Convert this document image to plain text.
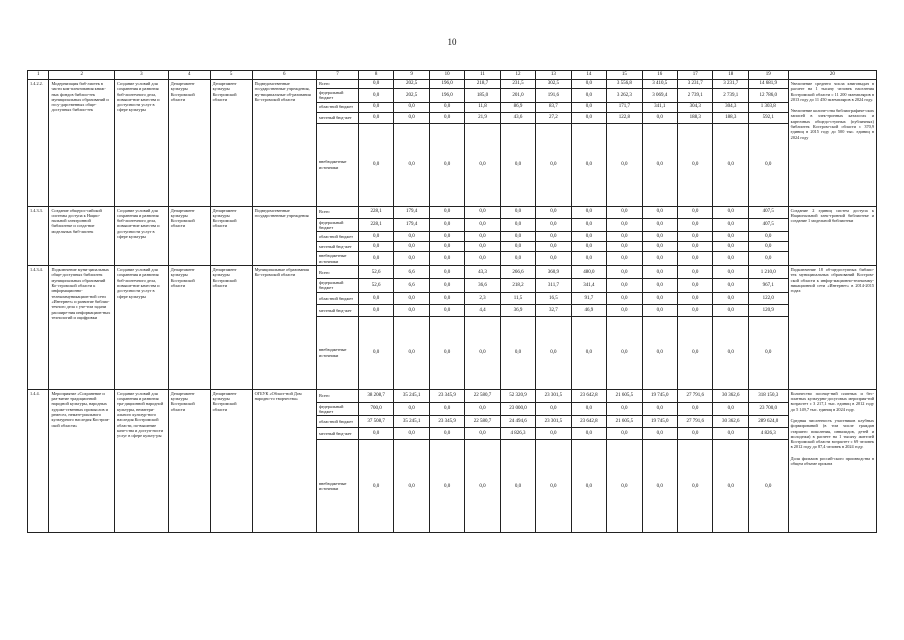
10
1	2	3	4	5	6	7	8	9	10	11	12	13	14	15	16	17	18	19	20
1.4.2.2.	Модернизация биб-лиотек в части ком-плектования книж-ных фондов библио-тек муниципальных образований и госу-дарственных обще-доступных библио-тек	Создание условий для сохранения и развития биб-лиотечного дела, повыше-ние качества и доступности услуг в сфере культуры	Департамент культуры Костромской области	Департамент культуры Костромской области	Подведомственные государственные учреждения, му-ниципальные об-разования Ко-стромской области	Всего	0,0	202,5	196,0	218,7	231,5	302,5	0,0	3 556,8	3 410,5	3 231,7	3 231,7	14 681,9	Увеличение среднего числа книговыдач в расчете на 1 тысячу человек населения Костромской области с 11 200 экземпляров в 2013 году до 11 450 экземпляров в 2024 году.

Увеличение количе-ства библиографиче-ских записей в элек-тронных каталогах и карточных общедо-ступных (публичных) библиотек Костром-ской области с 370,9 единиц в 2015 году до 500 тыс. единиц в 2024 году

						федеральный бюджет	0,0	202,5	196,0	185,0	201,0	191,6	0,0	3 262,3	3 069,4	2 739,1	2 739,1	12 786,0	
						областной бюджет	0,0	0,0	0,0	11,8	86,9	83,7	0,0	171,7	341,1	304,3	304,3	1 303,8	
						местный бюд-жет	0,0	0,0	0,0	21,9	43,6	27,2	0,0	122,8	0,0	188,3	188,3	592,1	
						внебюджетные источники	0,0	0,0	0,0	0,0	0,0	0,0	0,0	0,0	0,0	0,0	0,0	0,0	
1.4.3.3.	Создание общерос-сийской системы доступа к Нацио-нальной электронной библиотеке и созда-ние модельных биб-лиотек	Создание условий для сохранения и развития биб-лиотечного дела, повыше-ние качества и доступности услуг в сфере культуры	Департамент культуры Костромской области	Департамент культуры Костромской области	Подведомственные государственные учреждения	Всего	228,1	179,4	0,0	0,0	0,0	0,0	0,0	0,0	0,0	0,0	0,0	407,5	Создание 2 единиц систем доступа к Национальной элек-тронной библиотеке и создание 1 модельной библиотеки

						федеральный бюджет	228,1	179,4	0,0	0,0	0,0	0,0	0,0	0,0	0,0	0,0	0,0	407,5	
						областной бюджет	0,0	0,0	0,0	0,0	0,0	0,0	0,0	0,0	0,0	0,0	0,0	0,0	
						местный бюд-жет	0,0	0,0	0,0	0,0	0,0	0,0	0,0	0,0	0,0	0,0	0,0	0,0	
						внебюджетные источники	0,0	0,0	0,0	0,0	0,0	0,0	0,0	0,0	0,0	0,0	0,0	0,0	
1.4.3.4.	Подключение муни-ципальных обще-доступных библиотек муниципальных образований Ко-стромской области к информационно-телекоммуникацион-ной сети «Интернет» и развитие библио-течного дела с уче-том задачи расшире-ния информацион-ных технологий и оцифровки	Создание условий для сохранения и развития биб-лиотечного дела, повыше-ние качества и доступности услуг в сфере культуры	Департамент культуры Костромской области	Департамент культуры Костромской области	Муниципальные образования Ко-стромской области	Всего	52,6	6,6	0,0	43,3	266,6	360,9	480,0	0,0	0,0	0,0	0,0	1 210,0	Подключение 18 об-щедоступных библио-тек муниципальных образований Костром-ской области к инфор-мационно-телекомму-никационной сети «Интернет» в 2014-2015 годах

						федеральный бюджет	52,6	6,6	0,0	36,6	218,2	311,7	341,4	0,0	0,0	0,0	0,0	967,1	
						областной бюджет	0,0	0,0	0,0	2,3	11,5	16,5	91,7	0,0	0,0	0,0	0,0	122,0	
						местный бюд-жет	0,0	0,0	0,0	4,4	36,9	32,7	46,9	0,0	0,0	0,0	0,0	120,9	
						внебюджетные источники	0,0	0,0	0,0	0,0	0,0	0,0	0,0	0,0	0,0	0,0	0,0	0,0	
1.4.4.	Мероприятие «Сохранение и раз-витие традиционной народной культуры, народных художе-ственных промыслов и ремесел, немате-риального культурного наследия Костром-ской области»	Создание условий для сохранения и развития тра-диционной народной культуры, нематери-ального культур-ного наследия Костромской области, по-вышение каче-ства и доступ-ности услуг в сфере культу-ры	Департамент культуры Костромской области	Департамент культуры Костромской области	ОГБУК «Област-ной Дом народно-го творчества»	Всего	38 208,7	35 245,1	23 345,9	22 580,7	52 320,9	23 301,5	23 642,8	21 605,5	19 745,0	27 791,6	30 362,6	318 150,3	Количество посеще-ний платных и бес-платных культурно-досуговых мероприя-тий возрастет с 3 217,1 тыс. единиц в 2012 году до 5 149,7 тыс. единиц в 2024 году.

Средняя численность участников клубных формирований (в том числе граждан старшего поколения, инвалидов, детей и молодежи) в расчете на 1 тысячу жителей Костромской области возрастет с 69 человек в 2012 году до 87,4 человек в 2024 году.

Доля фильмов россий-ского производства в общем объеме проката

						федеральный бюджет	700,0	0,0	0,0	0,0	23 000,0	0,0	0,0	0,0	0,0	0,0	0,0	23 700,0	
						областной бюджет	37 508,7	35 245,1	23 345,9	22 580,7	24 494,6	23 301,5	23 642,8	21 605,5	19 745,0	27 791,6	30 362,6	289 624,0	
						местный бюд-жет	0,0	0,0	0,0	0,0	4 826,3	0,0	0,0	0,0	0,0	0,0	0,0	4 826,3	
						внебюджетные источники	0,0	0,0	0,0	0,0	0,0	0,0	0,0	0,0	0,0	0,0	0,0	0,0	
